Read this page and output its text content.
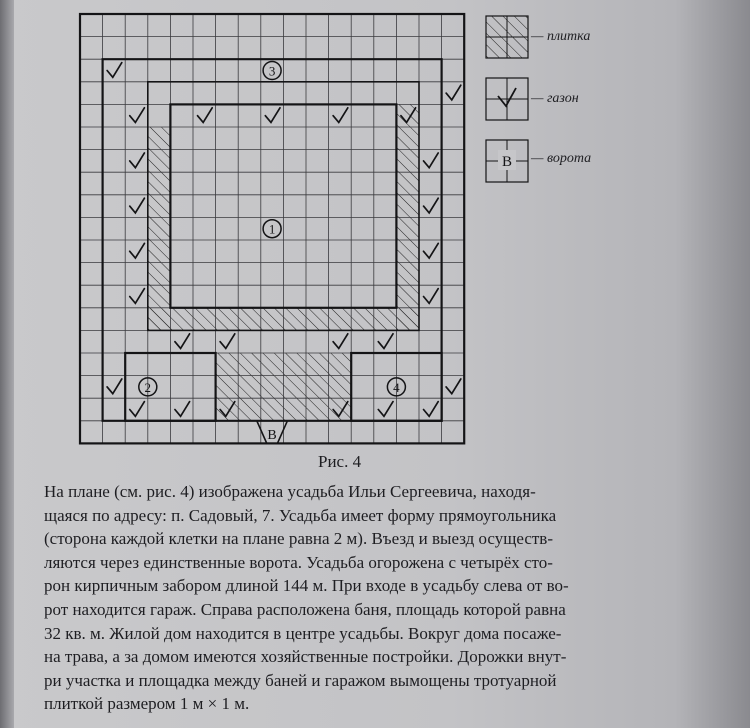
В
3
1
2	4
В
— плитка
— газон
— ворота
Рис. 4
На плане (см. рис. 4) изображена усадьба Ильи Сергеевича, находя-
щаяся по адресу: п. Садовый, 7. Усадьба имеет форму прямоугольника
(сторона каждой клетки на плане равна 2 м). Въезд и выезд осуществ-
ляются через единственные ворота. Усадьба огорожена с четырёх сто-
рон кирпичным забором длиной 144 м. При входе в усадьбу слева от во-
рот находится гараж. Справа расположена баня, площадь которой равна
32 кв. м. Жилой дом находится в центре усадьбы. Вокруг дома посаже-
на трава, а за домом имеются хозяйственные постройки. Дорожки внут-
ри участка и площадка между баней и гаражом вымощены тротуарной
плиткой размером 1 м × 1 м.
